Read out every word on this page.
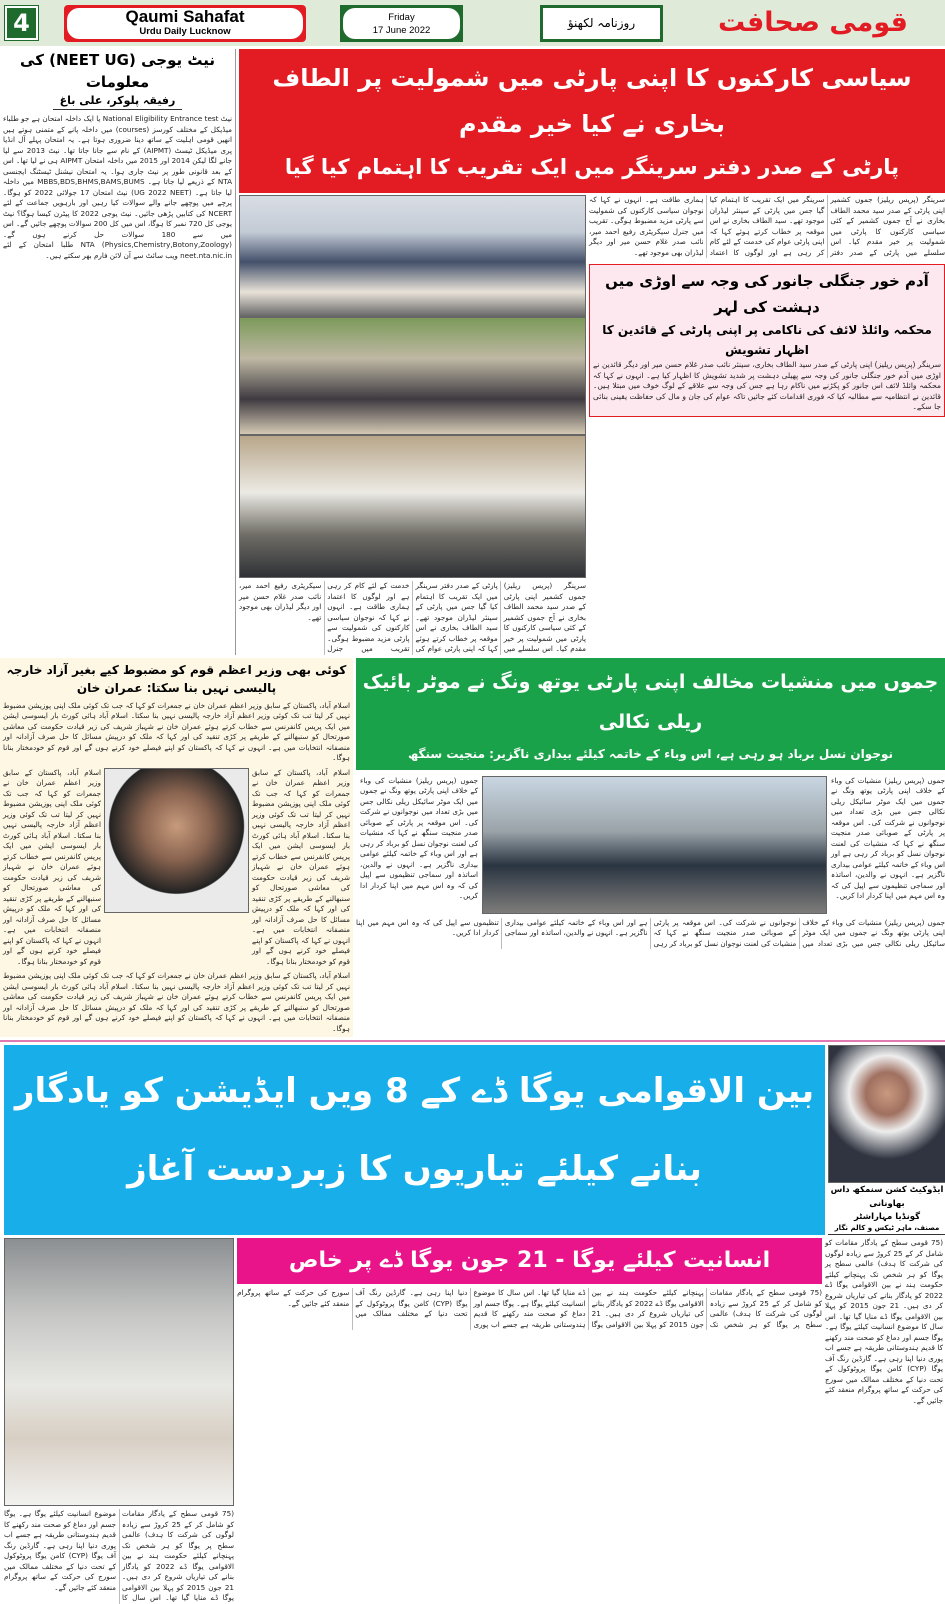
4	Qaumi Sahafat
Urdu Daily Lucknow
Friday
17 June 2022
روزنامہ لکھنؤ	قومی صحافت
نیٹ یوجی (NEET UG) کی معلومات
رفیقہ پلوکر، علی باغ
نیٹ National Eligibility Entrance test یا ایک داخلہ امتحان ہے جو طلباء میڈیکل کے مختلف کورسز (courses) میں داخلہ پانے کے متمنی ہوتے ہیں انھیں قومی اہلیت کے ساتھ دینا ضروری ہوتا ہے۔ یہ امتحان پہلے آل انڈیا پری میڈیکل ٹیسٹ (AIPMT) کے نام سے جانا جاتا تھا۔ نیٹ 2013 سے لیا جانے لگا لیکن 2014 اور 2015 میں داخلہ امتحان AIPMT ہی نے لیا تھا۔ اس کے بعد قانونی طور پر نیٹ جاری ہوا۔ یہ امتحان نیشنل ٹیسٹنگ ایجنسی NTA کے ذریعے لیا جاتا ہے۔ MBBS,BDS,BHMS,BAMS,BUMS میں داخلہ لیا جاتا ہے۔ (UG 2022 NEET) نیٹ امتحان 17 جولائی 2022 کو ہوگا۔ پرچے میں پوچھے جانے والے سوالات کیا رہیں اور بارہویں جماعت کے لئے NCERT کی کتابیں پڑھی جائیں۔ نیٹ یوجی 2022 کا پیٹرن کیسا ہوگا؟ نیٹ یوجی کل 720 نمبر کا ہوگا، اس میں کل 200 سوالات پوچھے جائیں گے۔ اس میں سے 180 سوالات حل کرنے ہوں گے۔ (Physics,Chemistry,Botony,Zoology) NTA طلبا امتحان کے لئے neet.nta.nic.in ویب سائٹ سے آن لائن فارم بھر سکتے ہیں۔
سیاسی کارکنوں کا اپنی پارٹی میں شمولیت پر الطاف بخاری نے کیا خیر مقدم
پارٹی کے صدر دفتر سرینگر میں ایک تقریب کا اہتمام کیا گیا
سرینگر (پریس ریلیز) جموں کشمیر اپنی پارٹی کے صدر سید محمد الطاف بخاری نے آج جموں کشمیر کے کئی سیاسی کارکنوں کا پارٹی میں شمولیت پر خیر مقدم کیا۔ اس سلسلے میں پارٹی کے صدر دفتر سرینگر میں ایک تقریب کا اہتمام کیا گیا جس میں پارٹی کے سینئر لیڈران موجود تھے۔ سید الطاف بخاری نے اس موقعہ پر خطاب کرتے ہوئے کہا کہ اپنی پارٹی عوام کی خدمت کے لئے کام کر رہی ہے اور لوگوں کا اعتماد ہماری طاقت ہے۔ انہوں نے کہا کہ نوجوان سیاسی کارکنوں کی شمولیت سے پارٹی مزید مضبوط ہوگی۔ تقریب میں جنرل سیکریٹری رفیع احمد میر، نائب صدر غلام حسن میر اور دیگر لیڈران بھی موجود تھے۔
سرینگر (پریس ریلیز) جموں کشمیر اپنی پارٹی کے صدر سید محمد الطاف بخاری نے آج جموں کشمیر کے کئی سیاسی کارکنوں کا پارٹی میں شمولیت پر خیر مقدم کیا۔ اس سلسلے میں پارٹی کے صدر دفتر سرینگر میں ایک تقریب کا اہتمام کیا گیا جس میں پارٹی کے سینئر لیڈران موجود تھے۔ سید الطاف بخاری نے اس موقعہ پر خطاب کرتے ہوئے کہا کہ اپنی پارٹی عوام کی خدمت کے لئے کام کر رہی ہے اور لوگوں کا اعتماد ہماری طاقت ہے۔ انہوں نے کہا کہ نوجوان سیاسی کارکنوں کی شمولیت سے پارٹی مزید مضبوط ہوگی۔ تقریب میں جنرل سیکریٹری رفیع احمد میر، نائب صدر غلام حسن میر اور دیگر لیڈران بھی موجود تھے۔
آدم خور جنگلی جانور کی وجہ سے اوڑی میں دہشت کی لہر
محکمہ وائلڈ لائف کی ناکامی پر اپنی پارٹی کے قائدین کا اظہار تشویش
سرینگر (پریس ریلیز) اپنی پارٹی کے صدر سید الطاف بخاری، سینئر نائب صدر غلام حسن میر اور دیگر قائدین نے اوڑی میں آدم خور جنگلی جانور کی وجہ سے پھیلی دہشت پر شدید تشویش کا اظہار کیا ہے۔ انہوں نے کہا کہ محکمہ وائلڈ لائف اس جانور کو پکڑنے میں ناکام رہا ہے جس کی وجہ سے علاقے کے لوگ خوف میں مبتلا ہیں۔ قائدین نے انتظامیہ سے مطالبہ کیا کہ فوری اقدامات کئے جائیں تاکہ عوام کی جان و مال کی حفاظت یقینی بنائی جا سکے۔
کوئی بھی وزیر اعظم قوم کو مضبوط کیے بغیر آزاد خارجہ پالیسی نہیں بنا سکتا: عمران خان
اسلام آباد، پاکستان کے سابق وزیر اعظم عمران خان نے جمعرات کو کہا کہ جب تک کوئی ملک اپنی پوزیشن مضبوط نہیں کر لیتا تب تک کوئی وزیر اعظم آزاد خارجہ پالیسی نہیں بنا سکتا۔ اسلام آباد ہائی کورٹ بار ایسوسی ایشن میں ایک پریس کانفرنس سے خطاب کرتے ہوئے عمران خان نے شہباز شریف کی زیر قیادت حکومت کی معاشی صورتحال کو سنبھالنے کے طریقے پر کڑی تنقید کی اور کہا کہ ملک کو درپیش مسائل کا حل صرف آزادانہ اور منصفانہ انتخابات میں ہے۔ انہوں نے کہا کہ پاکستان کو اپنے فیصلے خود کرنے ہوں گے اور قوم کو خودمختار بنانا ہوگا۔
اسلام آباد، پاکستان کے سابق وزیر اعظم عمران خان نے جمعرات کو کہا کہ جب تک کوئی ملک اپنی پوزیشن مضبوط نہیں کر لیتا تب تک کوئی وزیر اعظم آزاد خارجہ پالیسی نہیں بنا سکتا۔ اسلام آباد ہائی کورٹ بار ایسوسی ایشن میں ایک پریس کانفرنس سے خطاب کرتے ہوئے عمران خان نے شہباز شریف کی زیر قیادت حکومت کی معاشی صورتحال کو سنبھالنے کے طریقے پر کڑی تنقید کی اور کہا کہ ملک کو درپیش مسائل کا حل صرف آزادانہ اور منصفانہ انتخابات میں ہے۔ انہوں نے کہا کہ پاکستان کو اپنے فیصلے خود کرنے ہوں گے اور قوم کو خودمختار بنانا ہوگا۔
اسلام آباد، پاکستان کے سابق وزیر اعظم عمران خان نے جمعرات کو کہا کہ جب تک کوئی ملک اپنی پوزیشن مضبوط نہیں کر لیتا تب تک کوئی وزیر اعظم آزاد خارجہ پالیسی نہیں بنا سکتا۔ اسلام آباد ہائی کورٹ بار ایسوسی ایشن میں ایک پریس کانفرنس سے خطاب کرتے ہوئے عمران خان نے شہباز شریف کی زیر قیادت حکومت کی معاشی صورتحال کو سنبھالنے کے طریقے پر کڑی تنقید کی اور کہا کہ ملک کو درپیش مسائل کا حل صرف آزادانہ اور منصفانہ انتخابات میں ہے۔ انہوں نے کہا کہ پاکستان کو اپنے فیصلے خود کرنے ہوں گے اور قوم کو خودمختار بنانا ہوگا۔
اسلام آباد، پاکستان کے سابق وزیر اعظم عمران خان نے جمعرات کو کہا کہ جب تک کوئی ملک اپنی پوزیشن مضبوط نہیں کر لیتا تب تک کوئی وزیر اعظم آزاد خارجہ پالیسی نہیں بنا سکتا۔ اسلام آباد ہائی کورٹ بار ایسوسی ایشن میں ایک پریس کانفرنس سے خطاب کرتے ہوئے عمران خان نے شہباز شریف کی زیر قیادت حکومت کی معاشی صورتحال کو سنبھالنے کے طریقے پر کڑی تنقید کی اور کہا کہ ملک کو درپیش مسائل کا حل صرف آزادانہ اور منصفانہ انتخابات میں ہے۔ انہوں نے کہا کہ پاکستان کو اپنے فیصلے خود کرنے ہوں گے اور قوم کو خودمختار بنانا ہوگا۔
جموں میں منشیات مخالف اپنی پارٹی یوتھ ونگ نے موٹر بائیک ریلی نکالی
نوجوان نسل برباد ہو رہی ہے، اس وباء کے خاتمہ کیلئے بیداری ناگزیر: منجیت سنگھ
جموں (پریس ریلیز) منشیات کی وباء کے خلاف اپنی پارٹی یوتھ ونگ نے جموں میں ایک موٹر سائیکل ریلی نکالی جس میں بڑی تعداد میں نوجوانوں نے شرکت کی۔ اس موقعہ پر پارٹی کے صوبائی صدر منجیت سنگھ نے کہا کہ منشیات کی لعنت نوجوان نسل کو برباد کر رہی ہے اور اس وباء کے خاتمہ کیلئے عوامی بیداری ناگزیر ہے۔ انہوں نے والدین، اساتذہ اور سماجی تنظیموں سے اپیل کی کہ وہ اس مہم میں اپنا کردار ادا کریں۔
جموں (پریس ریلیز) منشیات کی وباء کے خلاف اپنی پارٹی یوتھ ونگ نے جموں میں ایک موٹر سائیکل ریلی نکالی جس میں بڑی تعداد میں نوجوانوں نے شرکت کی۔ اس موقعہ پر پارٹی کے صوبائی صدر منجیت سنگھ نے کہا کہ منشیات کی لعنت نوجوان نسل کو برباد کر رہی ہے اور اس وباء کے خاتمہ کیلئے عوامی بیداری ناگزیر ہے۔ انہوں نے والدین، اساتذہ اور سماجی تنظیموں سے اپیل کی کہ وہ اس مہم میں اپنا کردار ادا کریں۔
جموں (پریس ریلیز) منشیات کی وباء کے خلاف اپنی پارٹی یوتھ ونگ نے جموں میں ایک موٹر سائیکل ریلی نکالی جس میں بڑی تعداد میں نوجوانوں نے شرکت کی۔ اس موقعہ پر پارٹی کے صوبائی صدر منجیت سنگھ نے کہا کہ منشیات کی لعنت نوجوان نسل کو برباد کر رہی ہے اور اس وباء کے خاتمہ کیلئے عوامی بیداری ناگزیر ہے۔ انہوں نے والدین، اساتذہ اور سماجی تنظیموں سے اپیل کی کہ وہ اس مہم میں اپنا کردار ادا کریں۔
بین الاقوامی یوگا ڈے کے 8 ویں ایڈیشن کو یادگار
بنانے کیلئے تیاریوں کا زبردست آغاز
ایڈوکیٹ کشن سنمکھ داس بھاونانی
گونڈیا مہاراشٹر
مصنف، ماہر ٹیکس و کالم نگار
(75 قومی سطح کے یادگار مقامات کو شامل کر کے 25 کروڑ سے زیادہ لوگوں کی شرکت کا ہدف) عالمی سطح پر یوگا کو ہر شخص تک پہنچانے کیلئے حکومت ہند نے بین الاقوامی یوگا ڈے 2022 کو یادگار بنانے کی تیاریاں شروع کر دی ہیں۔ 21 جون 2015 کو پہلا بین الاقوامی یوگا ڈے منایا گیا تھا۔ اس سال کا موضوع انسانیت کیلئے یوگا ہے۔ یوگا جسم اور دماغ کو صحت مند رکھنے کا قدیم ہندوستانی طریقہ ہے جسے اب پوری دنیا اپنا رہی ہے۔ گارڈین رنگ آف یوگا (CYP) کامن یوگا پروٹوکول کے تحت دنیا کے مختلف ممالک میں سورج کی حرکت کے ساتھ پروگرام منعقد کئے جائیں گے۔
انسانیت کیلئے یوگا - 21 جون یوگا ڈے پر خاص
(75 قومی سطح کے یادگار مقامات کو شامل کر کے 25 کروڑ سے زیادہ لوگوں کی شرکت کا ہدف) عالمی سطح پر یوگا کو ہر شخص تک پہنچانے کیلئے حکومت ہند نے بین الاقوامی یوگا ڈے 2022 کو یادگار بنانے کی تیاریاں شروع کر دی ہیں۔ 21 جون 2015 کو پہلا بین الاقوامی یوگا ڈے منایا گیا تھا۔ اس سال کا موضوع انسانیت کیلئے یوگا ہے۔ یوگا جسم اور دماغ کو صحت مند رکھنے کا قدیم ہندوستانی طریقہ ہے جسے اب پوری دنیا اپنا رہی ہے۔ گارڈین رنگ آف یوگا (CYP) کامن یوگا پروٹوکول کے تحت دنیا کے مختلف ممالک میں سورج کی حرکت کے ساتھ پروگرام منعقد کئے جائیں گے۔
(75 قومی سطح کے یادگار مقامات کو شامل کر کے 25 کروڑ سے زیادہ لوگوں کی شرکت کا ہدف) عالمی سطح پر یوگا کو ہر شخص تک پہنچانے کیلئے حکومت ہند نے بین الاقوامی یوگا ڈے 2022 کو یادگار بنانے کی تیاریاں شروع کر دی ہیں۔ 21 جون 2015 کو پہلا بین الاقوامی یوگا ڈے منایا گیا تھا۔ اس سال کا موضوع انسانیت کیلئے یوگا ہے۔ یوگا جسم اور دماغ کو صحت مند رکھنے کا قدیم ہندوستانی طریقہ ہے جسے اب پوری دنیا اپنا رہی ہے۔ گارڈین رنگ آف یوگا (CYP) کامن یوگا پروٹوکول کے تحت دنیا کے مختلف ممالک میں سورج کی حرکت کے ساتھ پروگرام منعقد کئے جائیں گے۔
